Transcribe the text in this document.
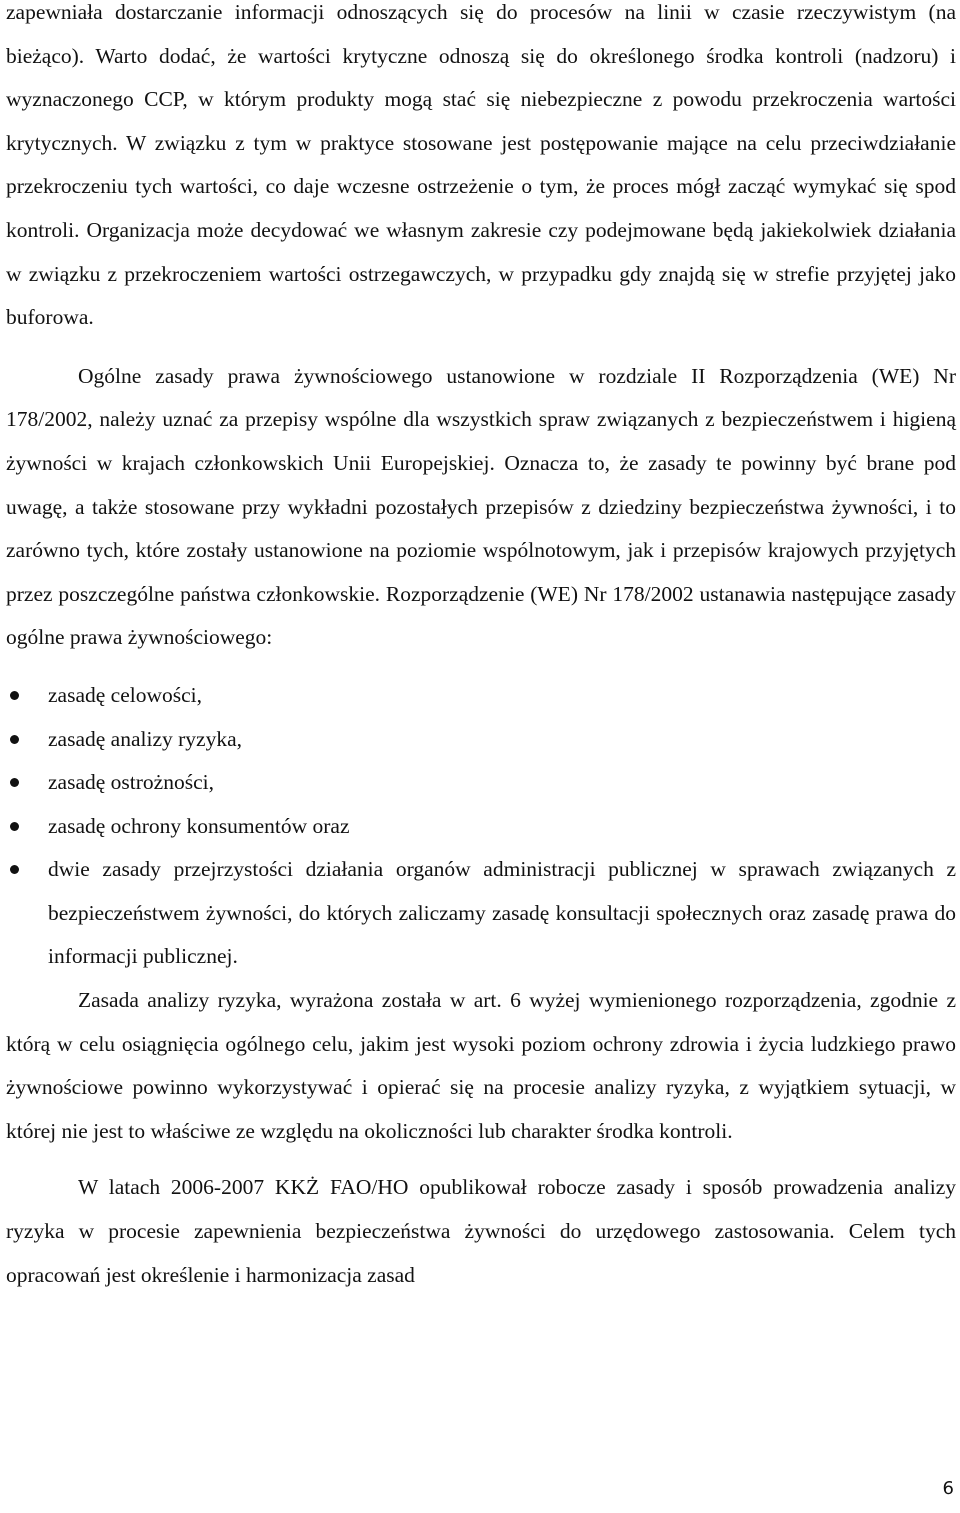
zapewniała dostarczanie informacji odnoszących się do procesów na linii w czasie rzeczywistym (na bieżąco). Warto dodać, że wartości krytyczne odnoszą się do określonego środka kontroli (nadzoru) i wyznaczonego CCP, w którym produkty mogą stać się niebezpieczne z powodu przekroczenia wartości krytycznych. W związku z tym w praktyce stosowane jest postępowanie mające na celu przeciwdziałanie przekroczeniu tych wartości, co daje wczesne ostrzeżenie o tym, że proces mógł zacząć wymykać się spod kontroli. Organizacja może decydować we własnym zakresie czy podejmowane będą jakiekolwiek działania w związku z przekroczeniem wartości ostrzegawczych, w przypadku gdy znajdą się w strefie przyjętej jako buforowa.

Ogólne zasady prawa żywnościowego ustanowione w rozdziale II Rozporządzenia (WE) Nr 178/2002, należy uznać za przepisy wspólne dla wszystkich spraw związanych z bezpieczeństwem i higieną żywności w krajach członkowskich Unii Europejskiej. Oznacza to, że zasady te powinny być brane pod uwagę, a także stosowane przy wykładni pozostałych przepisów z dziedziny bezpieczeństwa żywności, i to zarówno tych, które zostały ustanowione na poziomie wspólnotowym, jak i przepisów krajowych przyjętych przez poszczególne państwa członkowskie. Rozporządzenie (WE) Nr 178/2002 ustanawia następujące zasady ogólne prawa żywnościowego:

zasadę celowości,
zasadę analizy ryzyka,
zasadę ostrożności,
zasadę ochrony konsumentów oraz
dwie zasady przejrzystości działania organów administracji publicznej w sprawach związanych z bezpieczeństwem żywności, do których zaliczamy zasadę konsultacji społecznych oraz zasadę prawa do informacji publicznej.

Zasada analizy ryzyka, wyrażona została w art. 6 wyżej wymienionego rozporządzenia, zgodnie z którą w celu osiągnięcia ogólnego celu, jakim jest wysoki poziom ochrony zdrowia i życia ludzkiego prawo żywnościowe powinno wykorzystywać i opierać się na procesie analizy ryzyka, z wyjątkiem sytuacji, w której nie jest to właściwe ze względu na okoliczności lub charakter środka kontroli.

W latach 2006-2007 KKŻ FAO/HO opublikował robocze zasady i sposób prowadzenia analizy ryzyka w procesie zapewnienia bezpieczeństwa żywności do urzędowego zastosowania. Celem tych opracowań jest określenie i harmonizacja zasad

6
